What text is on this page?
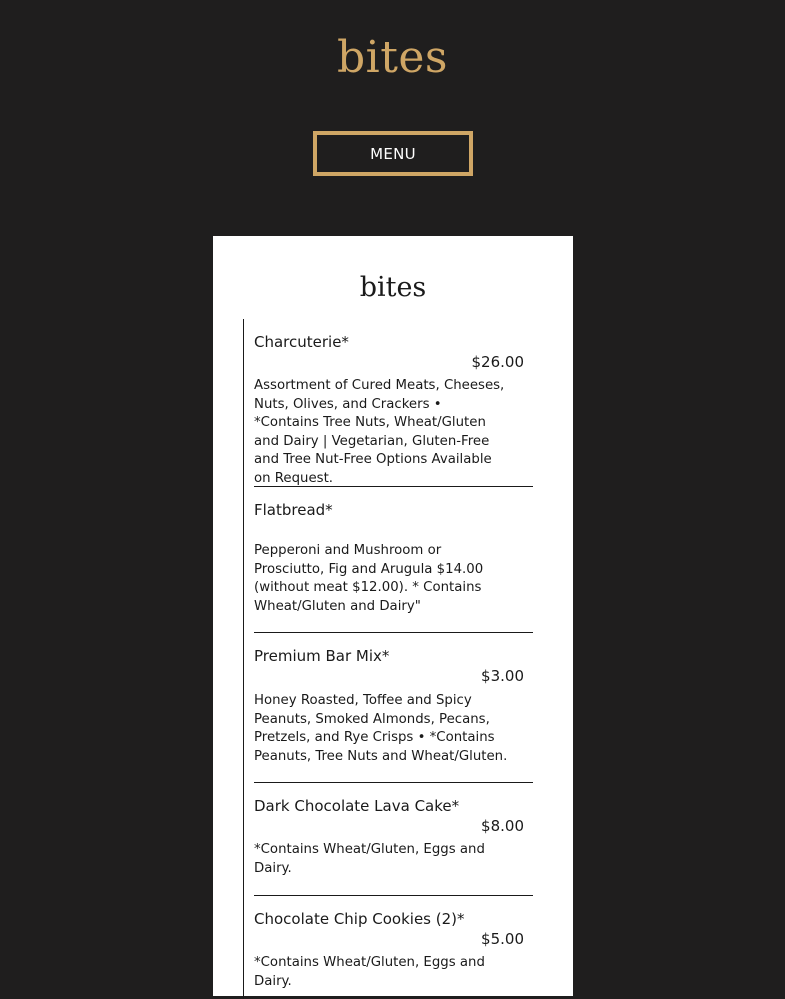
bites
MENU
bites
Charcuterie*
$26.00
Assortment of Cured Meats, Cheeses, Nuts, Olives, and Crackers • *Contains Tree Nuts, Wheat/Gluten and Dairy | Vegetarian, Gluten-Free and Tree Nut-Free Options Available on Request.
Flatbread*
Pepperoni and Mushroom or Prosciutto, Fig and Arugula $14.00 (without meat $12.00). * Contains Wheat/Gluten and Dairy"
Premium Bar Mix*
$3.00
Honey Roasted, Toffee and Spicy Peanuts, Smoked Almonds, Pecans, Pretzels, and Rye Crisps • *Contains Peanuts, Tree Nuts and Wheat/Gluten.
Dark Chocolate Lava Cake*
$8.00
*Contains Wheat/Gluten, Eggs and Dairy.
Chocolate Chip Cookies (2)*
$5.00
*Contains Wheat/Gluten, Eggs and Dairy.
